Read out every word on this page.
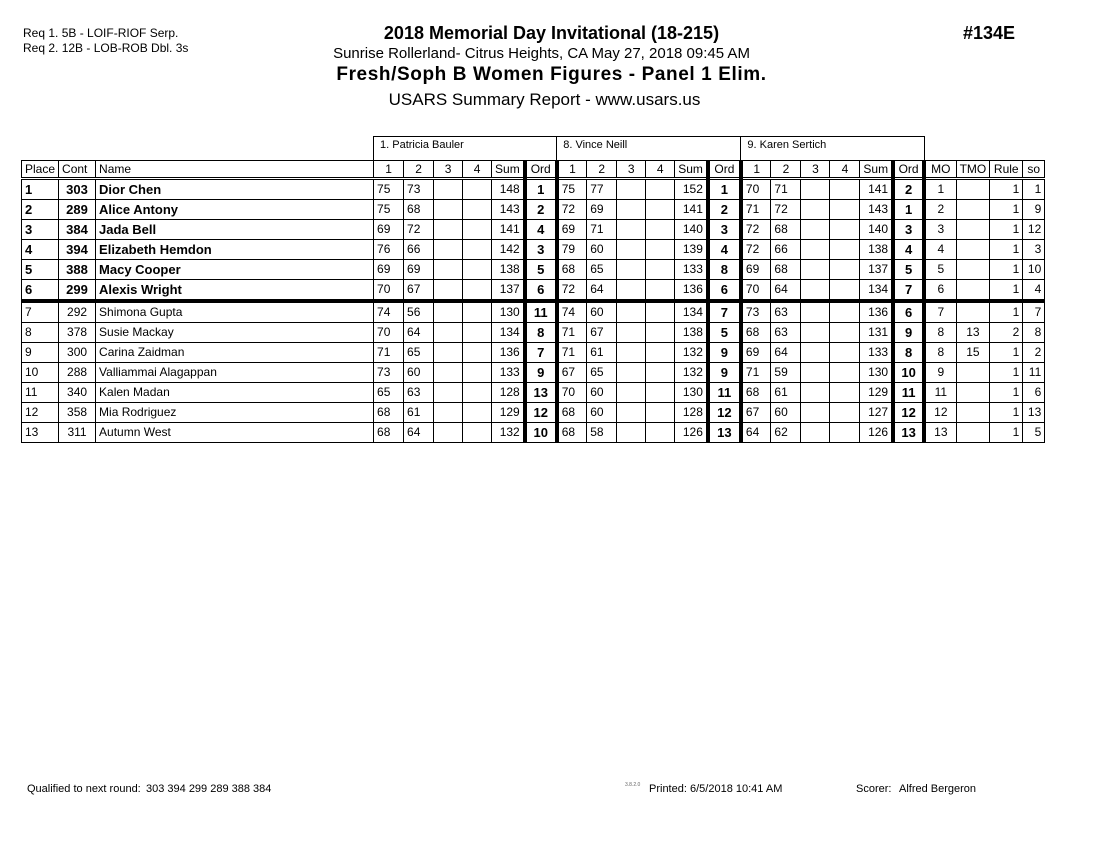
Req 1. 5B - LOIF-RIOF Serp.
Req 2. 12B - LOB-ROB Dbl. 3s
2018 Memorial Day Invitational (18-215)
Sunrise Rollerland- Citrus Heights, CA May 27, 2018 09:45 AM
Fresh/Soph B Women Figures - Panel 1 Elim.
USARS Summary Report - www.usars.us
#134E
			1. Patricia Bauler						8. Vince Neill						9. Karen Sertich									
Place	Cont	Name	1	2	3	4	Sum	Ord	1	2	3	4	Sum	Ord	1	2	3	4	Sum	Ord	MO	TMO	Rule	so
1	303	Dior Chen	75	73			148	1	75	77			152	1	70	71			141	2	1		1	1
2	289	Alice Antony	75	68			143	2	72	69			141	2	71	72			143	1	2		1	9
3	384	Jada Bell	69	72			141	4	69	71			140	3	72	68			140	3	3		1	12
4	394	Elizabeth Hemdon	76	66			142	3	79	60			139	4	72	66			138	4	4		1	3
5	388	Macy Cooper	69	69			138	5	68	65			133	8	69	68			137	5	5		1	10
6	299	Alexis Wright	70	67			137	6	72	64			136	6	70	64			134	7	6		1	4
7	292	Shimona Gupta	74	56			130	11	74	60			134	7	73	63			136	6	7		1	7
8	378	Susie Mackay	70	64			134	8	71	67			138	5	68	63			131	9	8	13	2	8
9	300	Carina Zaidman	71	65			136	7	71	61			132	9	69	64			133	8	8	15	1	2
10	288	Valliammai Alagappan	73	60			133	9	67	65			132	9	71	59			130	10	9		1	11
11	340	Kalen Madan	65	63			128	13	70	60			130	11	68	61			129	11	11		1	6
12	358	Mia Rodriguez	68	61			129	12	68	60			128	12	67	60			127	12	12		1	13
13	311	Autumn West	68	64			132	10	68	58			126	13	64	62			126	13	13		1	5
Qualified to next round: 303 394 299 289 388 384	3.8.2.0 Printed: 6/5/2018 10:41 AM	Scorer: Alfred Bergeron
